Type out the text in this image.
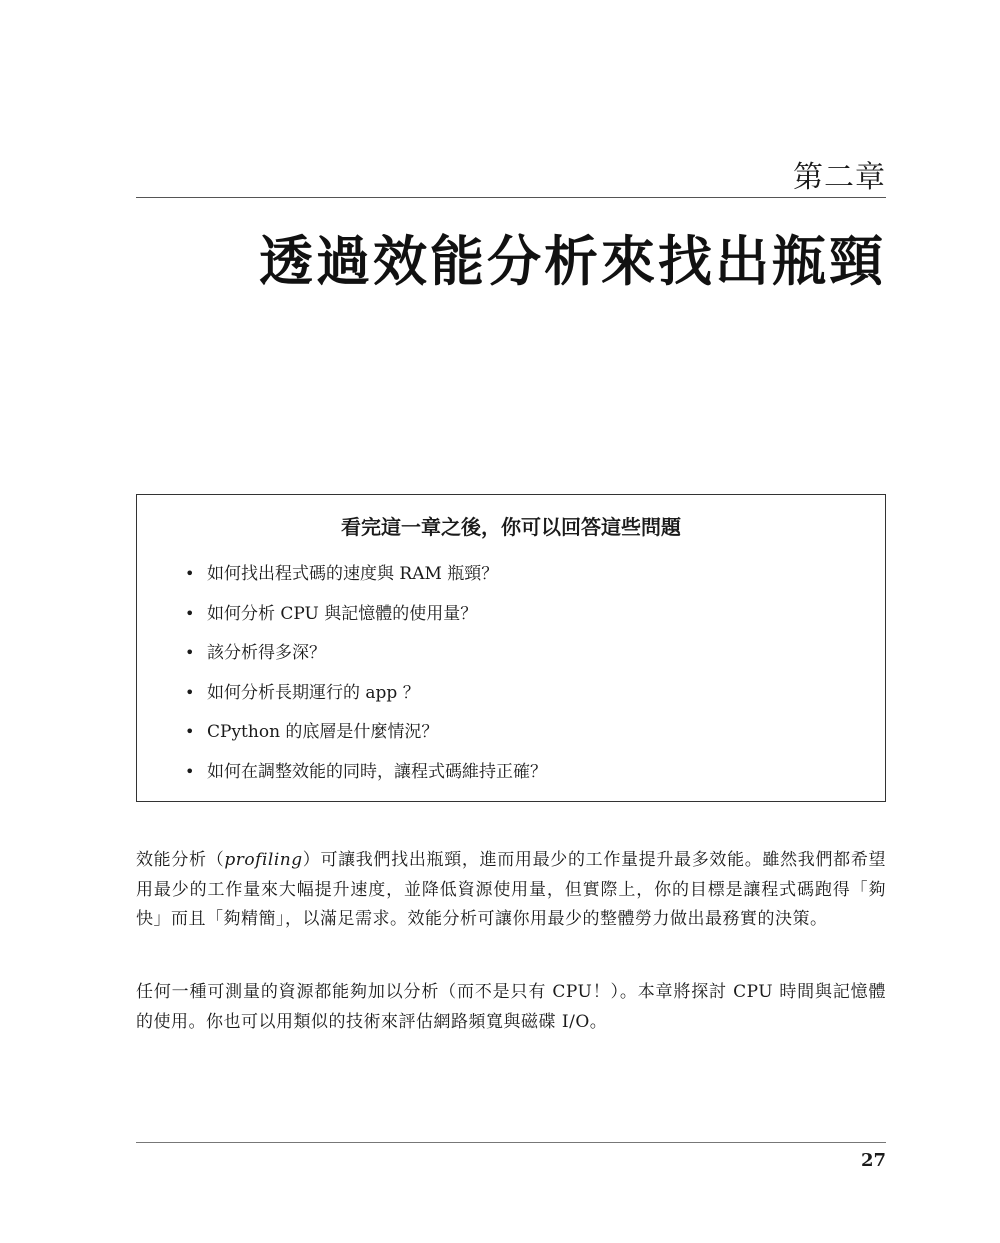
第二章
透過效能分析來找出瓶頸
看完這一章之後，你可以回答這些問題
• 如何找出程式碼的速度與 RAM 瓶頸？
• 如何分析 CPU 與記憶體的使用量？
• 該分析得多深？
• 如何分析長期運行的 app ？
• CPython 的底層是什麼情況？
• 如何在調整效能的同時，讓程式碼維持正確？

效能分析（profiling）可讓我們找出瓶頸，進而用最少的工作量提升最多效能。雖然我們都希望用最少的工作量來大幅提升速度，並降低資源使用量，但實際上，你的目標是讓程式碼跑得「夠快」而且「夠精簡」，以滿足需求。效能分析可讓你用最少的整體勞力做出最務實的決策。

任何一種可測量的資源都能夠加以分析（而不是只有 CPU！）。本章將探討 CPU 時間與記憶體的使用。你也可以用類似的技術來評估網路頻寬與磁碟 I/O。

27
